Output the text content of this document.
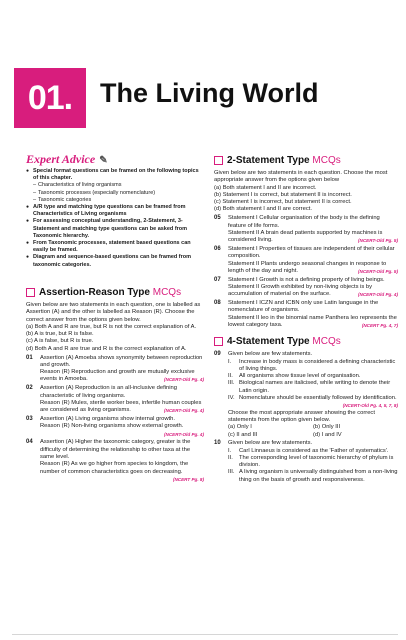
01.	The Living World
Expert Advice ✎
● Special format questions can be framed on the following topics of this chapter.
– Characteristics of living organisms
– Taxonomic processes (especially nomenclature)
– Taxonomic categories
● A/R type and matching type questions can be framed from Characteristics of Living organisms
● For assessing conceptual understanding, 2-Statement, 3-Statement and matching type questions can be asked from Taxonomic hierarchy.
● From Taxonomic processes, statement based questions can easily be framed.
● Diagram and sequence-based questions can be framed from taxonomic categories.
Assertion-Reason Type MCQs

Given below are two statements in each question, one is labelled as Assertion (A) and the other is labelled as Reason (R). Choose the correct answer from the options given below.

(a) Both A and R are true, but R is not the correct explanation of A.
(b) A is true, but R is false.
(c) A is false, but R is true.
(d) Both A and R are true and R is the correct explanation of A.
01	Assertion (A) Amoeba shows synonymity between reproduction and growth.

Reason (R) Reproduction and growth are mutually exclusive events in Amoeba.	(NCERT-Old Pg. 4)

02	Assertion (A) Reproduction is an all-inclusive defining characteristic of living organisms.

Reason (R) Mules, sterile worker bees, infertile human couples are considered as living organisms.	(NCERT-Old Pg. 4)

03	Assertion (A) Living organisms show internal growth.

Reason (R) Non-living organisms show external growth.
(NCERT-Old Pg. 4)

04	Assertion (A) Higher the taxonomic category, greater is the difficulty of determining the relationship to other taxa at the same level.

Reason (R) As we go higher from species to kingdom, the number of common characteristics goes on decreasing.
(NCERT Pg. 8)

2-Statement Type MCQs

Given below are two statements in each question. Choose the most appropriate answer from the options given below

(a) Both statement I and II are incorrect.
(b) Statement I is correct, but statement II is incorrect.
(c) Statement I is incorrect, but statement II is correct.
(d) Both statement I and II are correct.
05	Statement I Cellular organisation of the body is the defining feature of life forms.

Statement II A brain dead patients supported by machines is considered living.	(NCERT-Old Pg. 5)

06	Statement I Properties of tissues are independent of their cellular composition.

Statement II Plants undergo seasonal changes in response to length of the day and night.	(NCERT-Old Pg. 5)

07	Statement I Growth is not a defining property of living beings.

Statement II Growth exhibited by non-living objects is by accumulation of material on the surface.	(NCERT-Old Pg. 4)

08	Statement I ICZN and ICBN only use Latin language in the nomenclature of organisms.

Statement II leo in the binomial name Panthera leo represents the lowest category taxa.	(NCERT Pg. 4, 7)

4-Statement Type MCQs
09	Given below are few statements.

I.	Increase in body mass is considered a defining characteristic of living things.
II.	All organisms show tissue level of organisation.
III. Biological names are italicised, while writing to denote their Latin origin.
IV. Nomenclature should be essentially followed by identification.
(NCERT-Old Pg. 4, 5, 7, 8)

Choose the most appropriate answer showing the correct statements from the option given below.

(a) Only I	(b) Only III
(c) II and III	(d) I and IV
10	Given below are few statements.

I.	Carl Linnaeus is considered as the 'Father of systematics'.
II.	The corresponding level of taxonomic hierarchy of phylum is division.
III. A living organism is universally distinguished from a non-living thing on the basis of growth and responsiveness.
